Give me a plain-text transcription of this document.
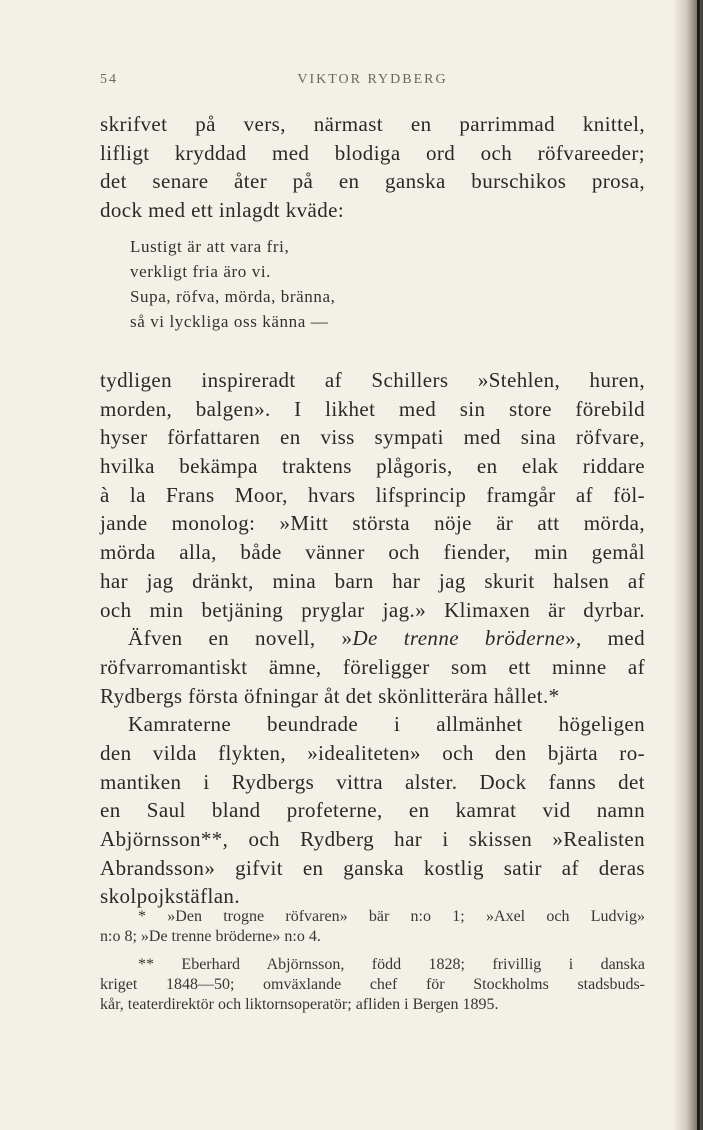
54	VIKTOR RYDBERG
skrifvet på vers, närmast en parrimmad knittel,
lifligt kryddad med blodiga ord och röfvareeder;
det senare åter på en ganska burschikos prosa,
dock med ett inlagdt kväde:
Lustigt är att vara fri,
verkligt fria äro vi.
Supa, röfva, mörda, bränna,
så vi lyckliga oss känna —
tydligen inspireradt af Schillers »Stehlen, huren,
morden, balgen». I likhet med sin store förebild
hyser författaren en viss sympati med sina röfvare,
hvilka bekämpa traktens plågoris, en elak riddare
à la Frans Moor, hvars lifsprincip framgår af föl-
jande monolog: »Mitt största nöje är att mörda,
mörda alla, både vänner och fiender, min gemål
har jag dränkt, mina barn har jag skurit halsen af
och min betjäning pryglar jag.» Klimaxen är dyrbar.
Äfven en novell, »De trenne bröderne», med
röfvarromantiskt ämne, föreligger som ett minne af
Rydbergs första öfningar åt det skönlitterära hållet.*
Kamraterne beundrade i allmänhet högeligen
den vilda flykten, »idealiteten» och den bjärta ro-
mantiken i Rydbergs vittra alster. Dock fanns det
en Saul bland profeterne, en kamrat vid namn
Abjörnsson**, och Rydberg har i skissen »Realisten
Abrandsson» gifvit en ganska kostlig satir af deras
skolpojkstäflan.
* »Den trogne röfvaren» bär n:o 1; »Axel och Ludvig»
n:o 8; »De trenne bröderne» n:o 4.
** Eberhard Abjörnsson, född 1828; frivillig i danska
kriget 1848—50; omväxlande chef för Stockholms stadsbuds-
kår, teaterdirektör och liktornsoperatör; afliden i Bergen 1895.
